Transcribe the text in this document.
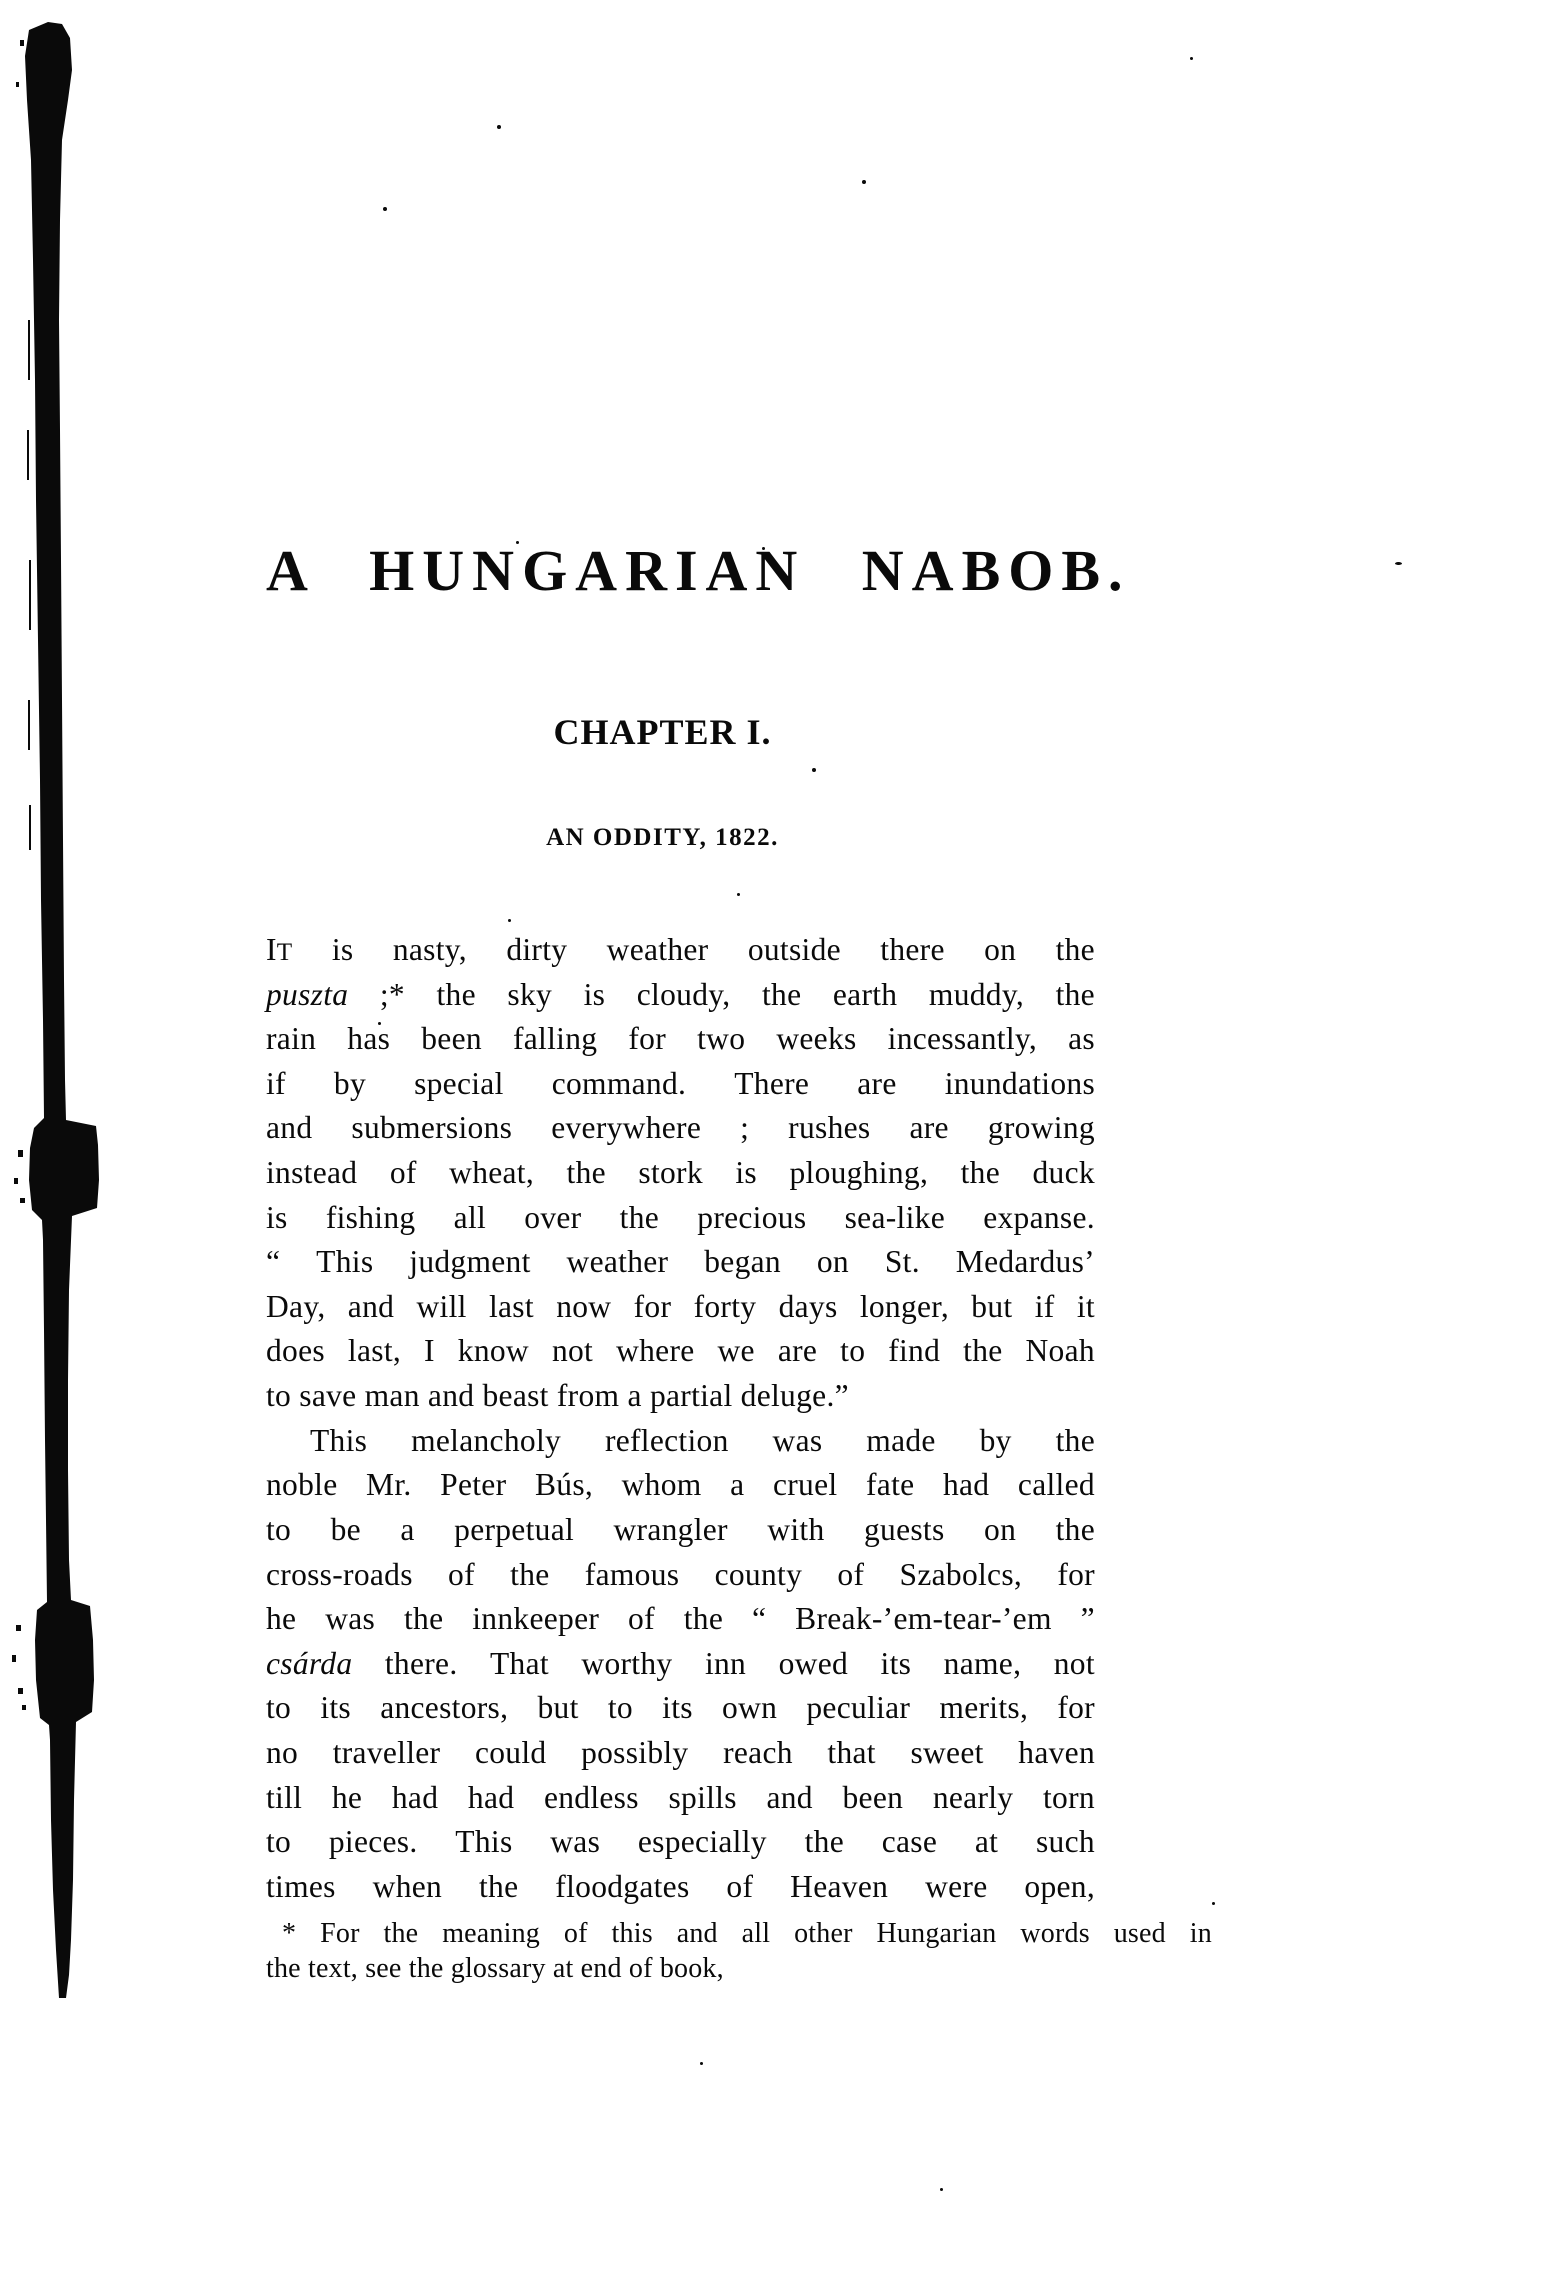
A HUNGARIAN NABOB.
CHAPTER I.
AN ODDITY, 1822.
IT is nasty, dirty weather outside there on the
puszta ;* the sky is cloudy, the earth muddy, the
rain has been falling for two weeks incessantly, as
if by special command. There are inundations
and submersions everywhere ; rushes are growing
instead of wheat, the stork is ploughing, the duck
is fishing all over the precious sea-like expanse.
“ This judgment weather began on St. Medardus’
Day, and will last now for forty days longer, but if it
does last, I know not where we are to find the Noah
to save man and beast from a partial deluge.”
This melancholy reflection was made by the
noble Mr. Peter Bús, whom a cruel fate had called
to be a perpetual wrangler with guests on the
cross-roads of the famous county of Szabolcs, for
he was the innkeeper of the “ Break-’em-tear-’em ”
csárda there. That worthy inn owed its name, not
to its ancestors, but to its own peculiar merits, for
no traveller could possibly reach that sweet haven
till he had had endless spills and been nearly torn
to pieces. This was especially the case at such
times when the floodgates of Heaven were open,
* For the meaning of this and all other Hungarian words used in
the text, see the glossary at end of book,
